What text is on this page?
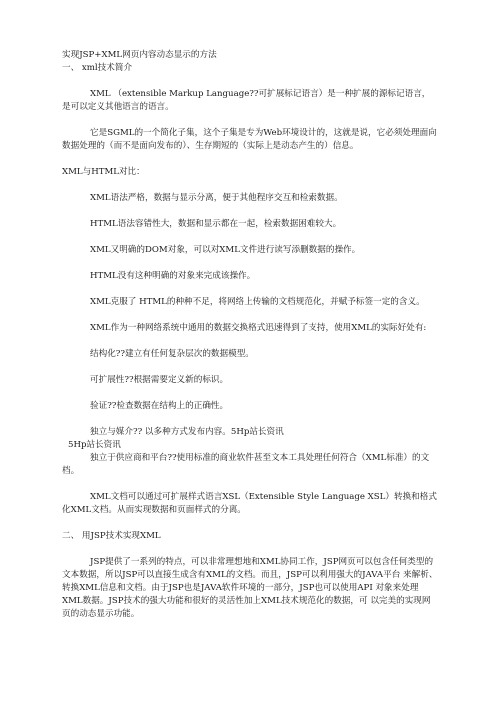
实现JSP+XML网页内容动态显示的方法

一、 xml技术简介

XML （extensible Markup Language??可扩展标记语言）是一种扩展的源标记语言，是可以定义其他语言的语言。

它是SGML的一个简化子集，这个子集是专为Web环境设计的，这就是说，它必须处理面向数据处理的（而不是面向发布的）、生存期短的（实际上是动态产生的）信息。

XML与HTML对比：

XML语法严格，数据与显示分离，便于其他程序交互和检索数据。

HTML语法容错性大，数据和显示都在一起，检索数据困难较大。

XML又明确的DOM对象，可以对XML文件进行读写添删数据的操作。

HTML没有这种明确的对象来完成该操作。

XML克服了 HTML的种种不足，将网络上传输的文档规范化，并赋予标签一定的含义。

XML作为一种网络系统中通用的数据交换格式迅速得到了支持，使用XML的实际好处有:

结构化??建立有任何复杂层次的数据模型。

可扩展性??根据需要定义新的标识。

验证??检查数据在结构上的正确性。

独立与媒介?? 以多种方式发布内容。5Hp站长资讯

5Hp站长资讯

独立于供应商和平台??使用标准的商业软件甚至文本工具处理任何符合（XML标准）的文档。

XML文档可以通过可扩展样式语言XSL（Extensible Style Language XSL）转换和格式化XML文档。从而实现数据和页面样式的分离。

二、 用JSP技术实现XML

JSP提供了一系列的特点，可以非常理想地和XML协同工作，JSP网页可以包含任何类型的文本数据，所以JSP可以直接生成含有XML的文档。而且，JSP可以利用强大的JAVA平台 来解析、转换XML信息和文档。由于JSP也是JAVA软件环境的一部分，JSP也可以使用API 对象来处理XML数据。JSP技术的强大功能和很好的灵活性加上XML技术规范化的数据，可 以完美的实现网页的动态显示功能。
